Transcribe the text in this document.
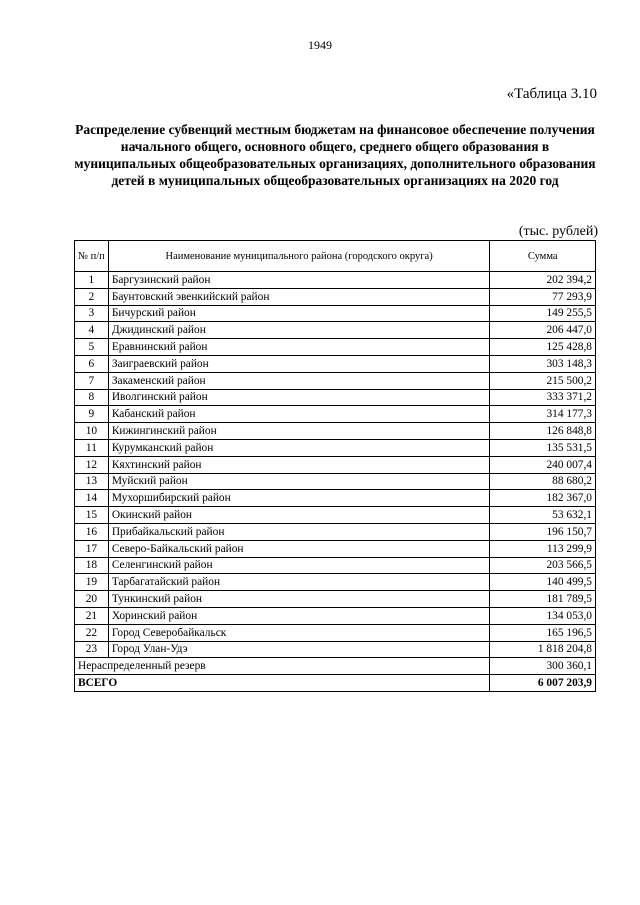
1949
«Таблица 3.10
Распределение субвенций местным бюджетам на финансовое обеспечение получения начального общего, основного общего, среднего общего образования в муниципальных общеобразовательных организациях, дополнительного образования детей в муниципальных общеобразовательных организациях на 2020 год
(тыс. рублей)
№ п/п	Наименование муниципального района (городского округа)	Сумма
1	Баргузинский район	202 394,2
2	Баунтовский эвенкийский район	77 293,9
3	Бичурский район	149 255,5
4	Джидинский район	206 447,0
5	Еравнинский район	125 428,8
6	Заиграевский район	303 148,3
7	Закаменский район	215 500,2
8	Иволгинский район	333 371,2
9	Кабанский район	314 177,3
10	Кижингинский район	126 848,8
11	Курумканский район	135 531,5
12	Кяхтинский район	240 007,4
13	Муйский район	88 680,2
14	Мухоршибирский район	182 367,0
15	Окинский район	53 632,1
16	Прибайкальский район	196 150,7
17	Северо-Байкальский район	113 299,9
18	Селенгинский район	203 566,5
19	Тарбагатайский район	140 499,5
20	Тункинский район	181 789,5
21	Хоринский район	134 053,0
22	Город Северобайкальск	165 196,5
23	Город Улан-Удэ	1 818 204,8
Нераспределенный резерв		300 360,1
ВСЕГО		6 007 203,9
